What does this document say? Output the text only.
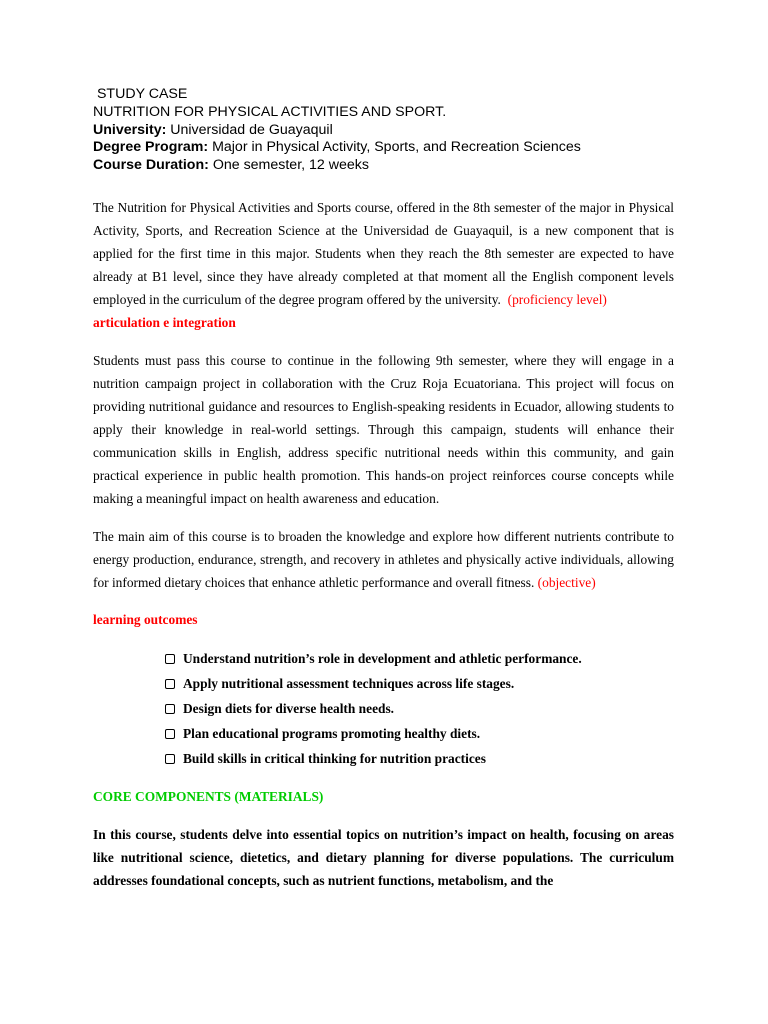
STUDY CASE

NUTRITION FOR PHYSICAL ACTIVITIES AND SPORT.

University: Universidad de Guayaquil

Degree Program: Major in Physical Activity, Sports, and Recreation Sciences

Course Duration: One semester, 12 weeks

The Nutrition for Physical Activities and Sports course, offered in the 8th semester of the major in Physical Activity, Sports, and Recreation Science at the Universidad de Guayaquil, is a new component that is applied for the first time in this major. Students when they reach the 8th semester are expected to have already at B1 level, since they have already completed at that moment all the English component levels  employed in the curriculum of the degree program offered by the university.  (proficiency level)

articulation e integration

Students must pass this course to continue in the following 9th semester, where they will engage in a nutrition campaign project in collaboration with the Cruz Roja Ecuatoriana. This project will focus on providing nutritional guidance and resources to English-speaking residents in Ecuador, allowing students to apply their knowledge in real-world settings. Through this campaign, students will enhance their communication skills in English, address specific nutritional needs within this community, and gain practical experience in public health promotion. This hands-on project reinforces course concepts while making a meaningful impact on health awareness and education.

The main aim of this course is to broaden the knowledge and explore how different nutrients contribute to energy production, endurance, strength, and recovery in athletes and physically active individuals, allowing for informed dietary choices that enhance athletic performance and overall fitness. (objective)

learning outcomes

Understand nutrition’s role in development and athletic performance.
Apply nutritional assessment techniques across life stages.
Design diets for diverse health needs.
Plan educational programs promoting healthy diets.
Build skills in critical thinking for nutrition practices

CORE COMPONENTS (MATERIALS)

In this course, students delve into essential topics on nutrition’s impact on health, focusing on areas like nutritional science, dietetics, and dietary planning for diverse populations. The curriculum addresses foundational concepts, such as nutrient functions, metabolism, and the
